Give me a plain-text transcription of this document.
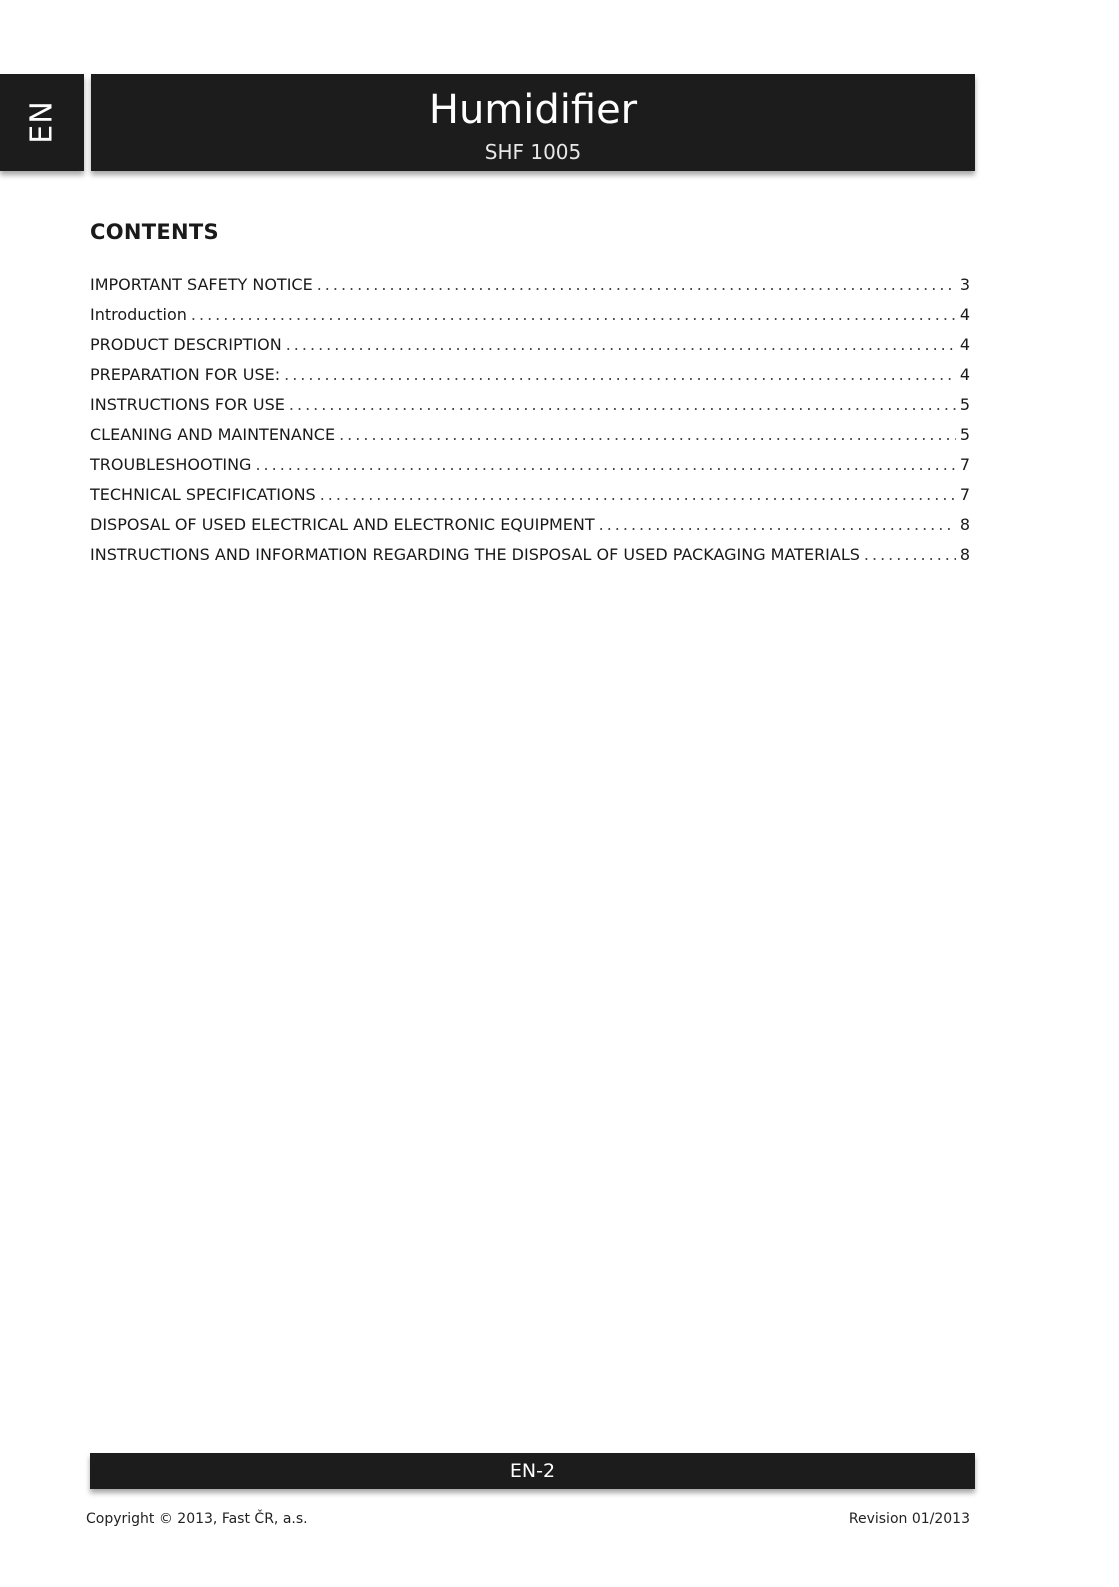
EN	Humidifier
SHF 1005
CONTENTS
IMPORTANT SAFETY NOTICE .....	3
Introduction .....	4
PRODUCT DESCRIPTION .....	4
PREPARATION FOR USE: .....	4
INSTRUCTIONS FOR USE .....	5
CLEANING AND MAINTENANCE .....	5
TROUBLESHOOTING .....	7
TECHNICAL SPECIFICATIONS .....	7
DISPOSAL OF USED ELECTRICAL AND ELECTRONIC EQUIPMENT .....	8
INSTRUCTIONS AND INFORMATION REGARDING THE DISPOSAL OF USED PACKAGING MATERIALS .....	8
EN-2
Copyright © 2013, Fast ČR, a.s.	Revision 01/2013
